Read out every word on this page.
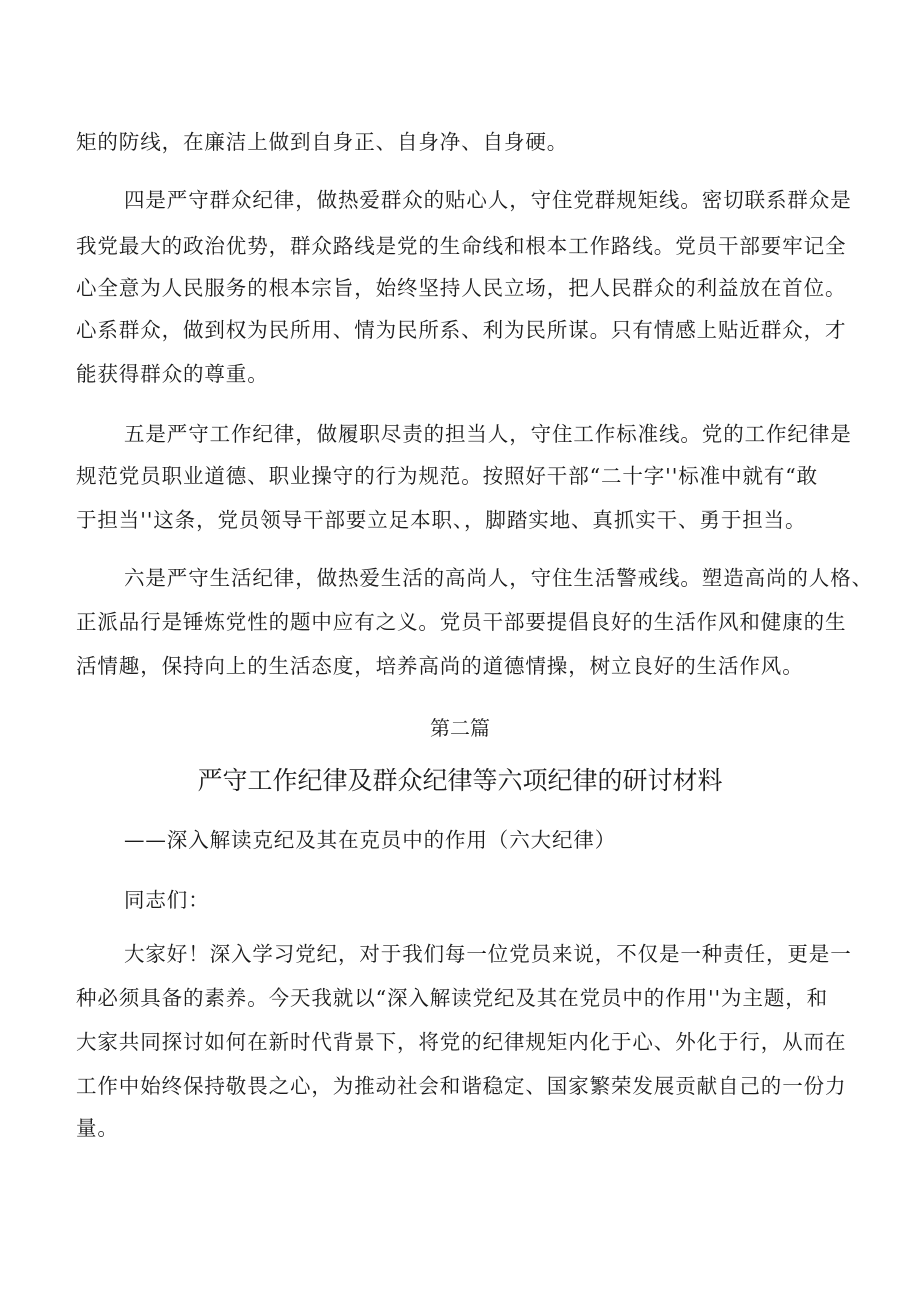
矩的防线，在廉洁上做到自身正、自身净、自身硬。

四是严守群众纪律，做热爱群众的贴心人，守住党群规矩线。密切联系群众是

我党最大的政治优势，群众路线是党的生命线和根本工作路线。党员干部要牢记全

心全意为人民服务的根本宗旨，始终坚持人民立场，把人民群众的利益放在首位。

心系群众，做到权为民所用、情为民所系、利为民所谋。只有情感上贴近群众，才

能获得群众的尊重。

五是严守工作纪律，做履职尽责的担当人，守住工作标准线。党的工作纪律是

规范党员职业道德、职业操守的行为规范。按照好干部“二十字''标准中就有“敢

于担当''这条，党员领导干部要立足本职、，脚踏实地、真抓实干、勇于担当。

六是严守生活纪律，做热爱生活的高尚人，守住生活警戒线。塑造高尚的人格、

正派品行是锤炼党性的题中应有之义。党员干部要提倡良好的生活作风和健康的生

活情趣，保持向上的生活态度，培养高尚的道德情操，树立良好的生活作风。

第二篇

严守工作纪律及群众纪律等六项纪律的研讨材料

——深入解读克纪及其在克员中的作用（六大纪律）

同志们：

大家好！深入学习党纪，对于我们每一位党员来说，不仅是一种责任，更是一

种必须具备的素养。今天我就以“深入解读党纪及其在党员中的作用''为主题，和

大家共同探讨如何在新时代背景下，将党的纪律规矩内化于心、外化于行，从而在

工作中始终保持敬畏之心，为推动社会和谐稳定、国家繁荣发展贡献自己的一份力

量。
